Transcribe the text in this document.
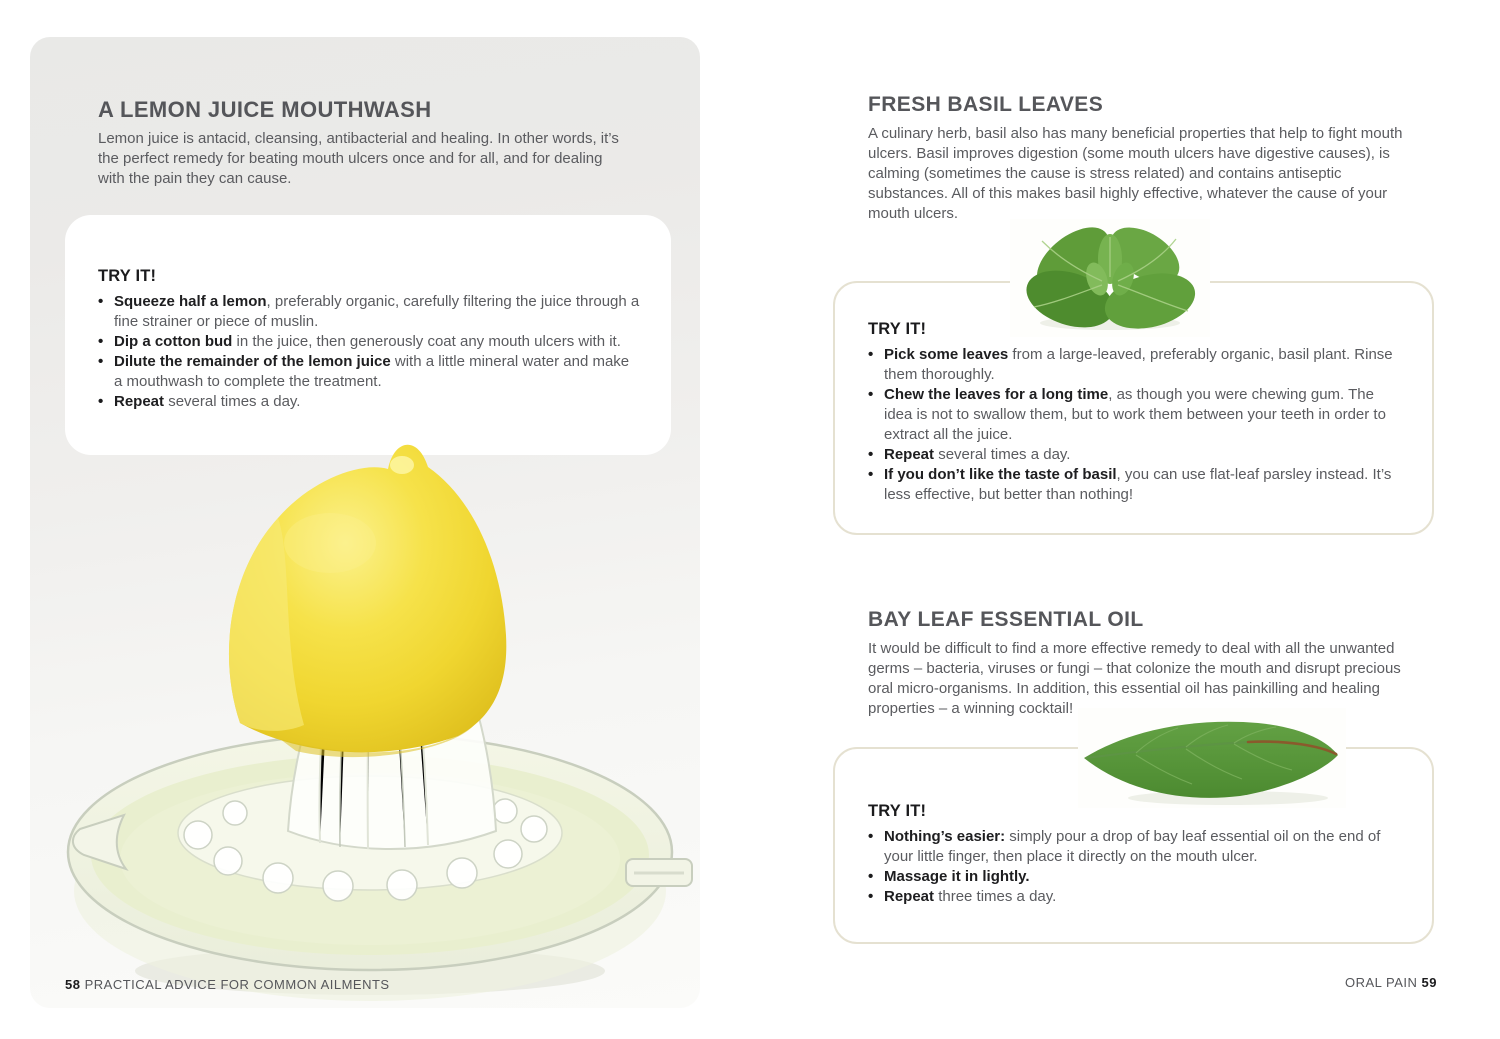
A LEMON JUICE MOUTHWASH
Lemon juice is antacid, cleansing, antibacterial and healing. In other words, it’s the perfect remedy for beating mouth ulcers once and for all, and for dealing with the pain they can cause.

TRY IT!

• Squeeze half a lemon, preferably organic, carefully filtering the juice through a fine strainer or piece of muslin.
• Dip a cotton bud in the juice, then generously coat any mouth ulcers with it.
• Dilute the remainder of the lemon juice with a little mineral water and make a mouthwash to complete the treatment.
• Repeat several times a day.
58 PRACTICAL ADVICE FOR COMMON AILMENTS
FRESH BASIL LEAVES
A culinary herb, basil also has many beneficial properties that help to fight mouth ulcers. Basil improves digestion (some mouth ulcers have digestive causes), is calming (sometimes the cause is stress related) and contains antiseptic substances. All of this makes basil highly effective, whatever the cause of your mouth ulcers.

TRY IT!

• Pick some leaves from a large-leaved, preferably organic, basil plant. Rinse them thoroughly.
• Chew the leaves for a long time, as though you were chewing gum. The idea is not to swallow them, but to work them between your teeth in order to extract all the juice.
• Repeat several times a day.
• If you don’t like the taste of basil, you can use flat-leaf parsley instead. It’s less effective, but better than nothing!
BAY LEAF ESSENTIAL OIL
It would be difficult to find a more effective remedy to deal with all the unwanted germs – bacteria, viruses or fungi – that colonize the mouth and disrupt precious oral micro-organisms. In addition, this essential oil has painkilling and healing properties – a winning cocktail!

TRY IT!

• Nothing’s easier: simply pour a drop of bay leaf essential oil on the end of your little finger, then place it directly on the mouth ulcer.
• Massage it in lightly.
• Repeat three times a day.
ORAL PAIN 59
